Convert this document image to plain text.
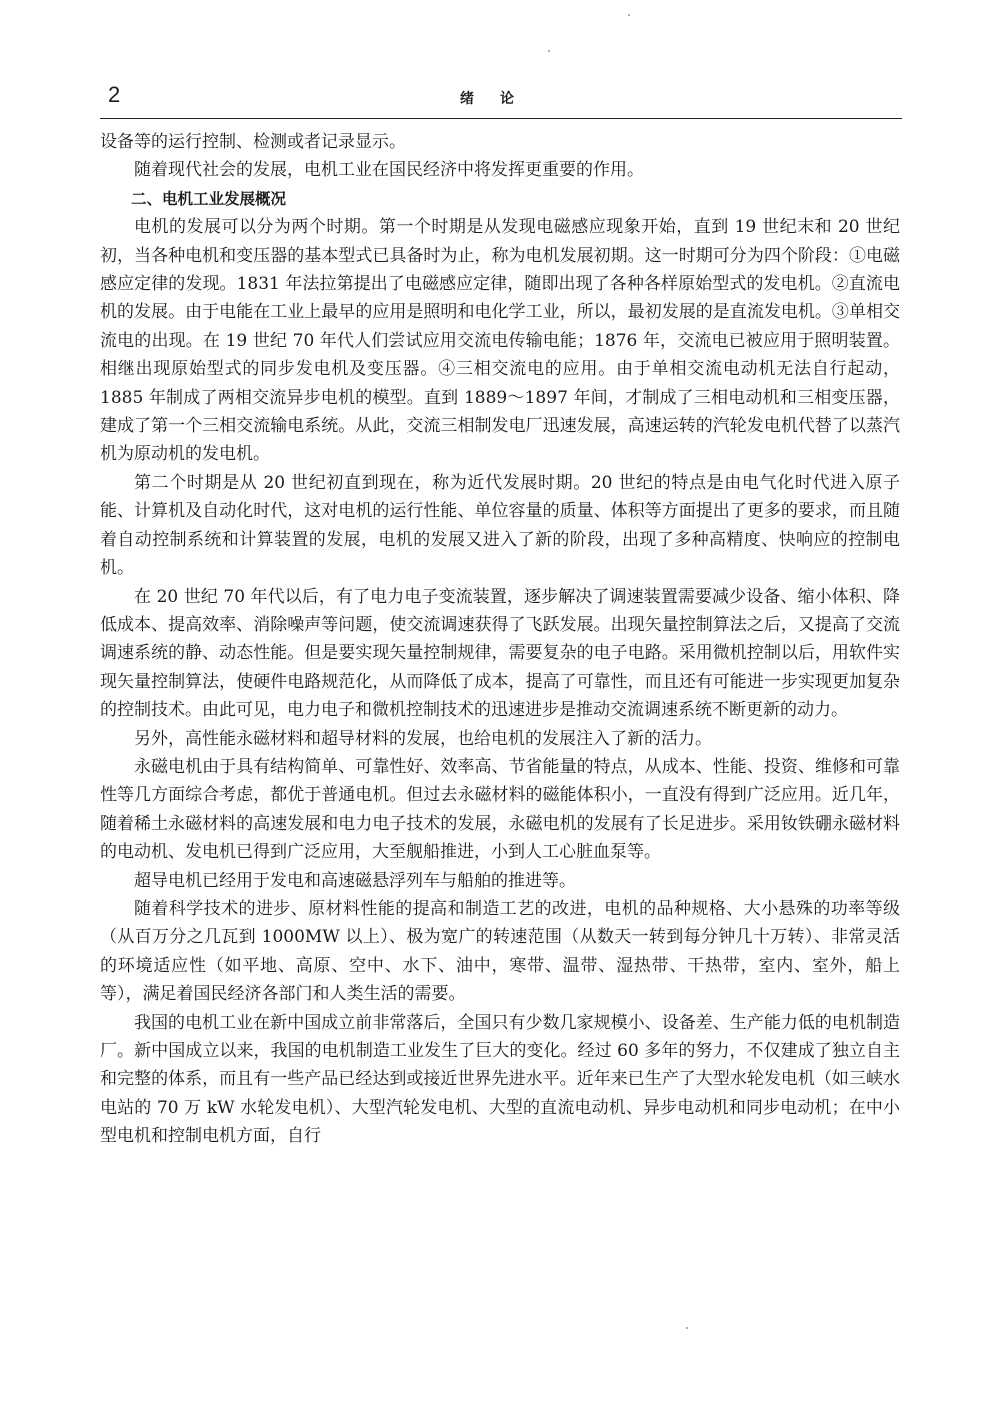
2	绪论

设备等的运行控制、检测或者记录显示。

随着现代社会的发展，电机工业在国民经济中将发挥更重要的作用。

二、电机工业发展概况

电机的发展可以分为两个时期。第一个时期是从发现电磁感应现象开始，直到 19 世纪末和 20 世纪初，当各种电机和变压器的基本型式已具备时为止，称为电机发展初期。这一时期可分为四个阶段：①电磁感应定律的发现。1831 年法拉第提出了电磁感应定律，随即出现了各种各样原始型式的发电机。②直流电机的发展。由于电能在工业上最早的应用是照明和电化学工业，所以，最初发展的是直流发电机。③单相交流电的出现。在 19 世纪 70 年代人们尝试应用交流电传输电能；1876 年，交流电已被应用于照明装置。相继出现原始型式的同步发电机及变压器。④三相交流电的应用。由于单相交流电动机无法自行起动，1885 年制成了两相交流异步电机的模型。直到 1889～1897 年间，才制成了三相电动机和三相变压器，建成了第一个三相交流输电系统。从此，交流三相制发电厂迅速发展，高速运转的汽轮发电机代替了以蒸汽机为原动机的发电机。

第二个时期是从 20 世纪初直到现在，称为近代发展时期。20 世纪的特点是由电气化时代进入原子能、计算机及自动化时代，这对电机的运行性能、单位容量的质量、体积等方面提出了更多的要求，而且随着自动控制系统和计算装置的发展，电机的发展又进入了新的阶段，出现了多种高精度、快响应的控制电机。

在 20 世纪 70 年代以后，有了电力电子变流装置，逐步解决了调速装置需要减少设备、缩小体积、降低成本、提高效率、消除噪声等问题，使交流调速获得了飞跃发展。出现矢量控制算法之后，又提高了交流调速系统的静、动态性能。但是要实现矢量控制规律，需要复杂的电子电路。采用微机控制以后，用软件实现矢量控制算法，使硬件电路规范化，从而降低了成本，提高了可靠性，而且还有可能进一步实现更加复杂的控制技术。由此可见，电力电子和微机控制技术的迅速进步是推动交流调速系统不断更新的动力。

另外，高性能永磁材料和超导材料的发展，也给电机的发展注入了新的活力。

永磁电机由于具有结构简单、可靠性好、效率高、节省能量的特点，从成本、性能、投资、维修和可靠性等几方面综合考虑，都优于普通电机。但过去永磁材料的磁能体积小，一直没有得到广泛应用。近几年，随着稀土永磁材料的高速发展和电力电子技术的发展，永磁电机的发展有了长足进步。采用钕铁硼永磁材料的电动机、发电机已得到广泛应用，大至舰船推进，小到人工心脏血泵等。

超导电机已经用于发电和高速磁悬浮列车与船舶的推进等。

随着科学技术的进步、原材料性能的提高和制造工艺的改进，电机的品种规格、大小悬殊的功率等级（从百万分之几瓦到 1000MW 以上）、极为宽广的转速范围（从数天一转到每分钟几十万转）、非常灵活的环境适应性（如平地、高原、空中、水下、油中，寒带、温带、湿热带、干热带，室内、室外，船上等），满足着国民经济各部门和人类生活的需要。

我国的电机工业在新中国成立前非常落后，全国只有少数几家规模小、设备差、生产能力低的电机制造厂。新中国成立以来，我国的电机制造工业发生了巨大的变化。经过 60 多年的努力，不仅建成了独立自主和完整的体系，而且有一些产品已经达到或接近世界先进水平。近年来已生产了大型水轮发电机（如三峡水电站的 70 万 kW 水轮发电机）、大型汽轮发电机、大型的直流电动机、异步电动机和同步电动机；在中小型电机和控制电机方面，自行
